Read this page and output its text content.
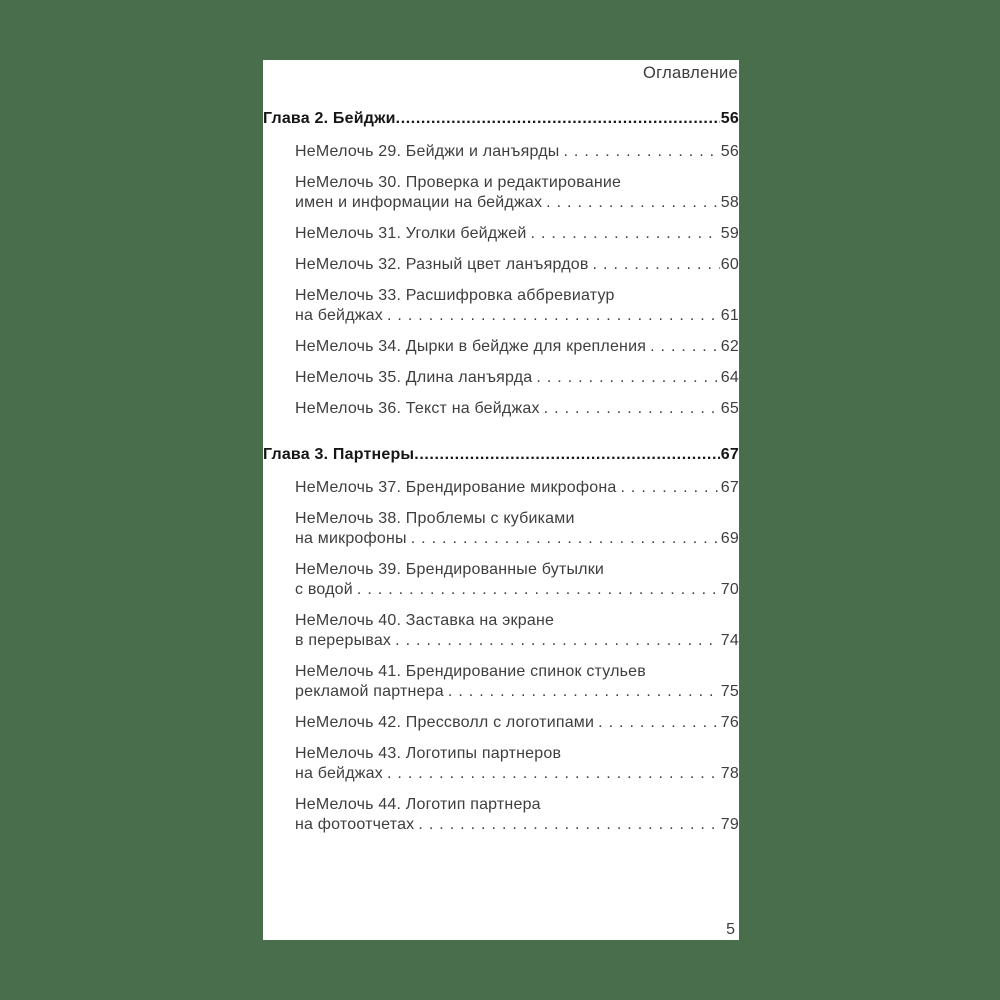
Оглавление
Глава 2. Бейджи .....	56
НеМелочь 29. Бейджи и ланъярды .....	56
НеМелочь 30. Проверка и редактирование
имен и информации на бейджах .....	58
НеМелочь 31. Уголки бейджей .....	59
НеМелочь 32. Разный цвет ланъярдов .....	60
НеМелочь 33. Расшифровка аббревиатур
на бейджах .....	61
НеМелочь 34. Дырки в бейдже для крепления .....	62
НеМелочь 35. Длина ланъярда .....	64
НеМелочь 36. Текст на бейджах .....	65
Глава 3. Партнеры .....	67
НеМелочь 37. Брендирование микрофона .....	67
НеМелочь 38. Проблемы с кубиками
на микрофоны .....	69
НеМелочь 39. Брендированные бутылки
с водой .....	70
НеМелочь 40. Заставка на экране
в перерывах .....	74
НеМелочь 41. Брендирование спинок стульев
рекламой партнера .....	75
НеМелочь 42. Прессволл с логотипами .....	76
НеМелочь 43. Логотипы партнеров
на бейджах .....	78
НеМелочь 44. Логотип партнера
на фотоотчетах .....	79
5
